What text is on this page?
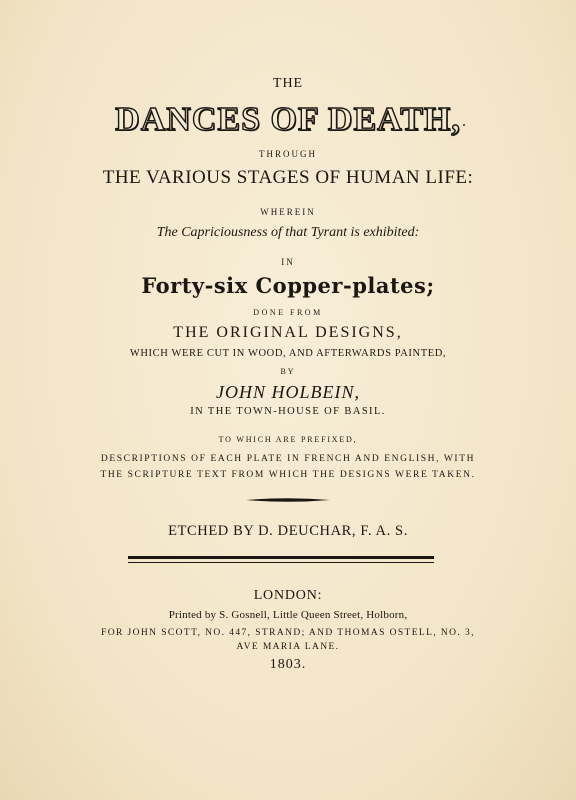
THE
DANCES OF DEATH,
THROUGH
THE VARIOUS STAGES OF HUMAN LIFE:
WHEREIN
The Capriciousness of that Tyrant is exhibited:
IN
Forty-six Copper-plates;
DONE FROM
THE ORIGINAL DESIGNS,
WHICH WERE CUT IN WOOD, AND AFTERWARDS PAINTED,
BY
JOHN HOLBEIN,
IN THE TOWN-HOUSE OF BASIL.
TO WHICH ARE PREFIXED,
DESCRIPTIONS OF EACH PLATE IN FRENCH AND ENGLISH, WITH
THE SCRIPTURE TEXT FROM WHICH THE DESIGNS WERE TAKEN.
ETCHED BY D. DEUCHAR, F. A. S.
LONDON:
Printed by S. Gosnell, Little Queen Street, Holborn,
FOR JOHN SCOTT, NO. 447, STRAND; AND THOMAS OSTELL, NO. 3,
AVE MARIA LANE.
1803.
